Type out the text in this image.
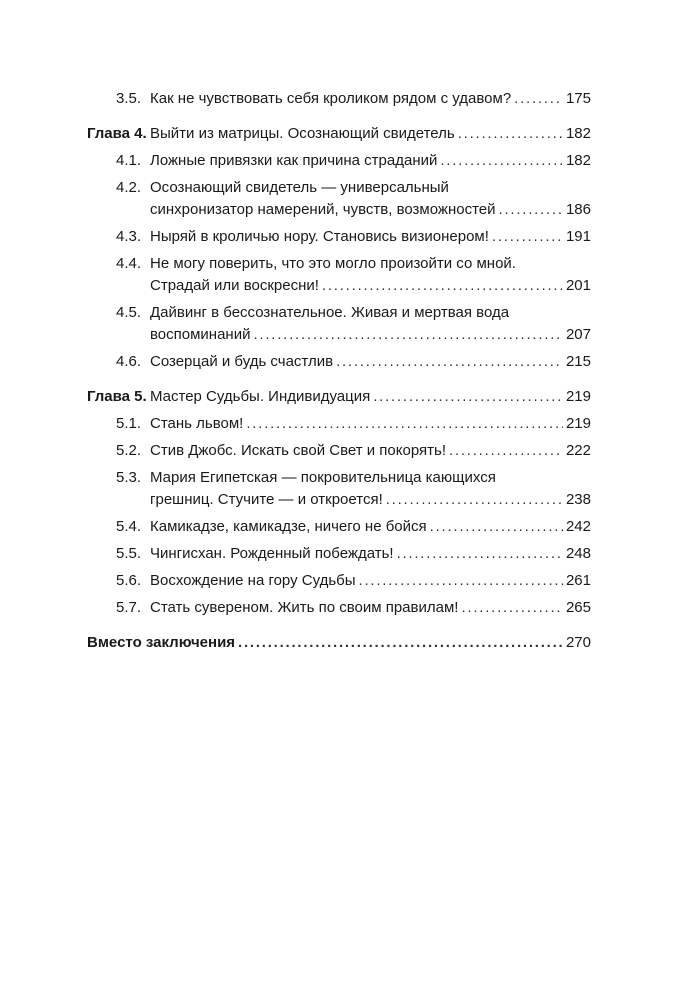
3.5. Как не чувствовать себя кроликом рядом с удавом? . . .	175
Глава 4. Выйти из матрицы. Осознающий свидетель . . .	182
4.1. Ложные привязки как причина страданий . . .	182
4.2. Осознающий свидетель — универсальный
синхронизатор намерений, чувств, возможностей . . .	186
4.3. Ныряй в кроличью нору. Становись визионером! . . .	191
4.4. Не могу поверить, что это могло произойти со мной.
Страдай или воскресни! . . .	201
4.5. Дайвинг в бессознательное. Живая и мертвая вода
воспоминаний . . .	207
4.6. Созерцай и будь счастлив . . .	215
Глава 5. Мастер Судьбы. Индивидуация . . .	219
5.1. Стань львом! . . .	219
5.2. Стив Джобс. Искать свой Свет и покорять! . . .	222
5.3. Мария Египетская — покровительница кающихся
грешниц. Стучите — и откроется! . . .	238
5.4. Камикадзе, камикадзе, ничего не бойся . . .	242
5.5. Чингисхан. Рожденный побеждать! . . .	248
5.6. Восхождение на гору Судьбы . . .	261
5.7. Стать сувереном. Жить по своим правилам! . . .	265
Вместо заключения . . .	270
